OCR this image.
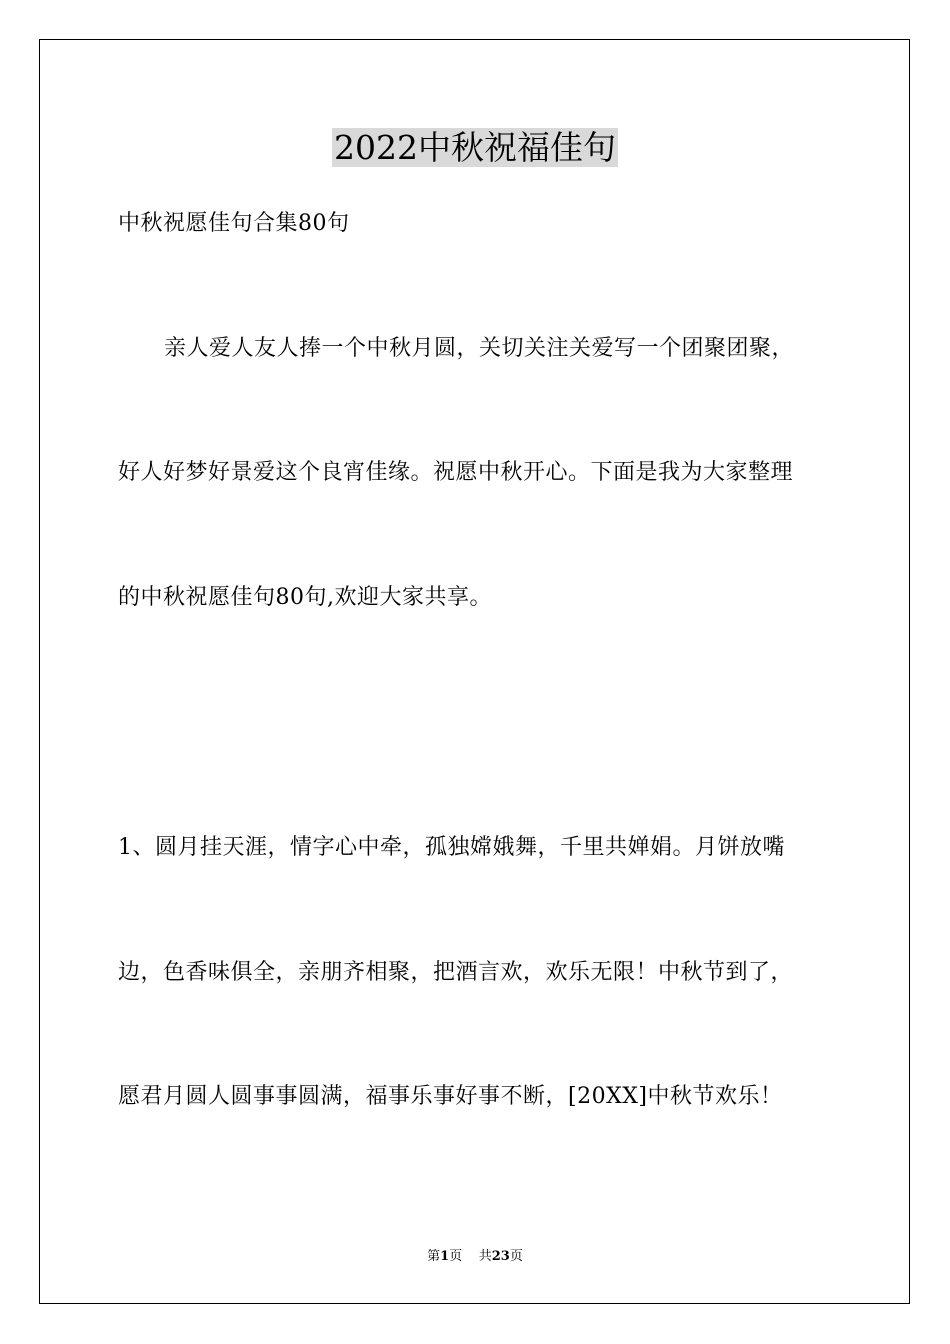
2022中秋祝福佳句
中秋祝愿佳句合集80句
亲人爱人友人捧一个中秋月圆，关切关注关爱写一个团聚团聚，
好人好梦好景爱这个良宵佳缘。祝愿中秋开心。下面是我为大家整理
的中秋祝愿佳句80句,欢迎大家共享。
1、圆月挂天涯，情字心中牵，孤独嫦娥舞，千里共婵娟。月饼放嘴
边，色香味俱全，亲朋齐相聚，把酒言欢，欢乐无限！中秋节到了，
愿君月圆人圆事事圆满，福事乐事好事不断，[20XX]中秋节欢乐！
第1页 共23页
